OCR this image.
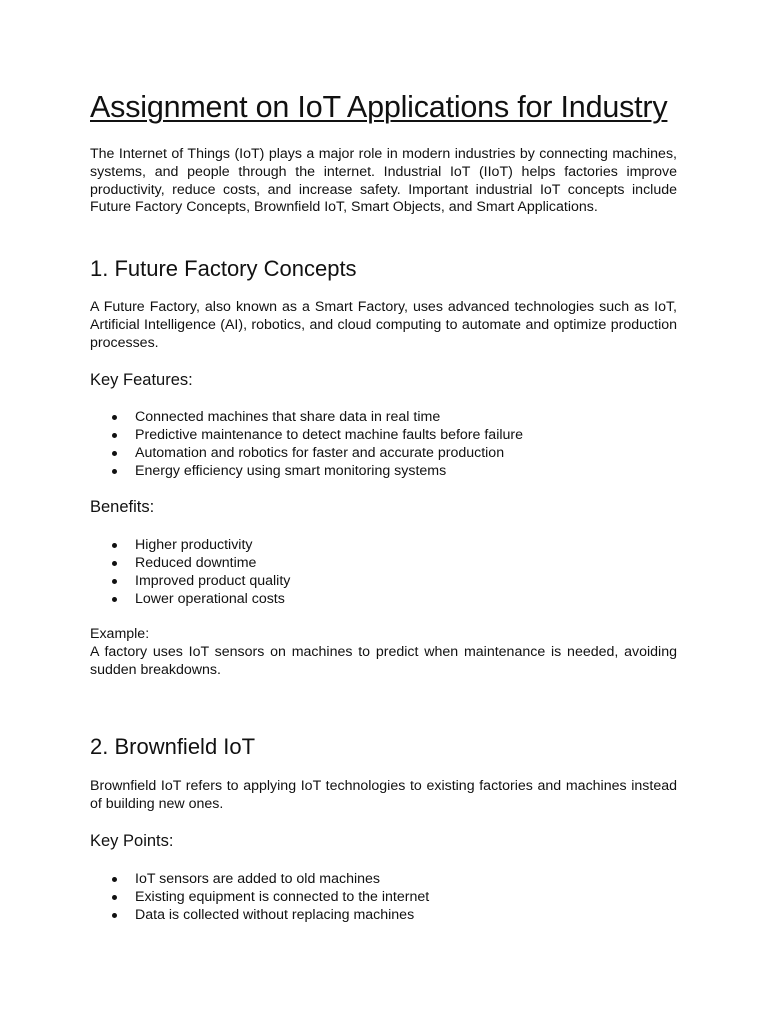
Assignment on IoT Applications for Industry

The Internet of Things (IoT) plays a major role in modern industries by connecting machines, systems, and people through the internet. Industrial IoT (IIoT) helps factories improve productivity, reduce costs, and increase safety. Important industrial IoT concepts include Future Factory Concepts, Brownfield IoT, Smart Objects, and Smart Applications.

1. Future Factory Concepts

A Future Factory, also known as a Smart Factory, uses advanced technologies such as IoT, Artificial Intelligence (AI), robotics, and cloud computing to automate and optimize production processes.

Key Features:
Connected machines that share data in real time
Predictive maintenance to detect machine faults before failure
Automation and robotics for faster and accurate production
Energy efficiency using smart monitoring systems
Benefits:
Higher productivity
Reduced downtime
Improved product quality
Lower operational costs

Example:

A factory uses IoT sensors on machines to predict when maintenance is needed, avoiding sudden breakdowns.

2. Brownfield IoT

Brownfield IoT refers to applying IoT technologies to existing factories and machines instead of building new ones.

Key Points:
IoT sensors are added to old machines
Existing equipment is connected to the internet
Data is collected without replacing machines
